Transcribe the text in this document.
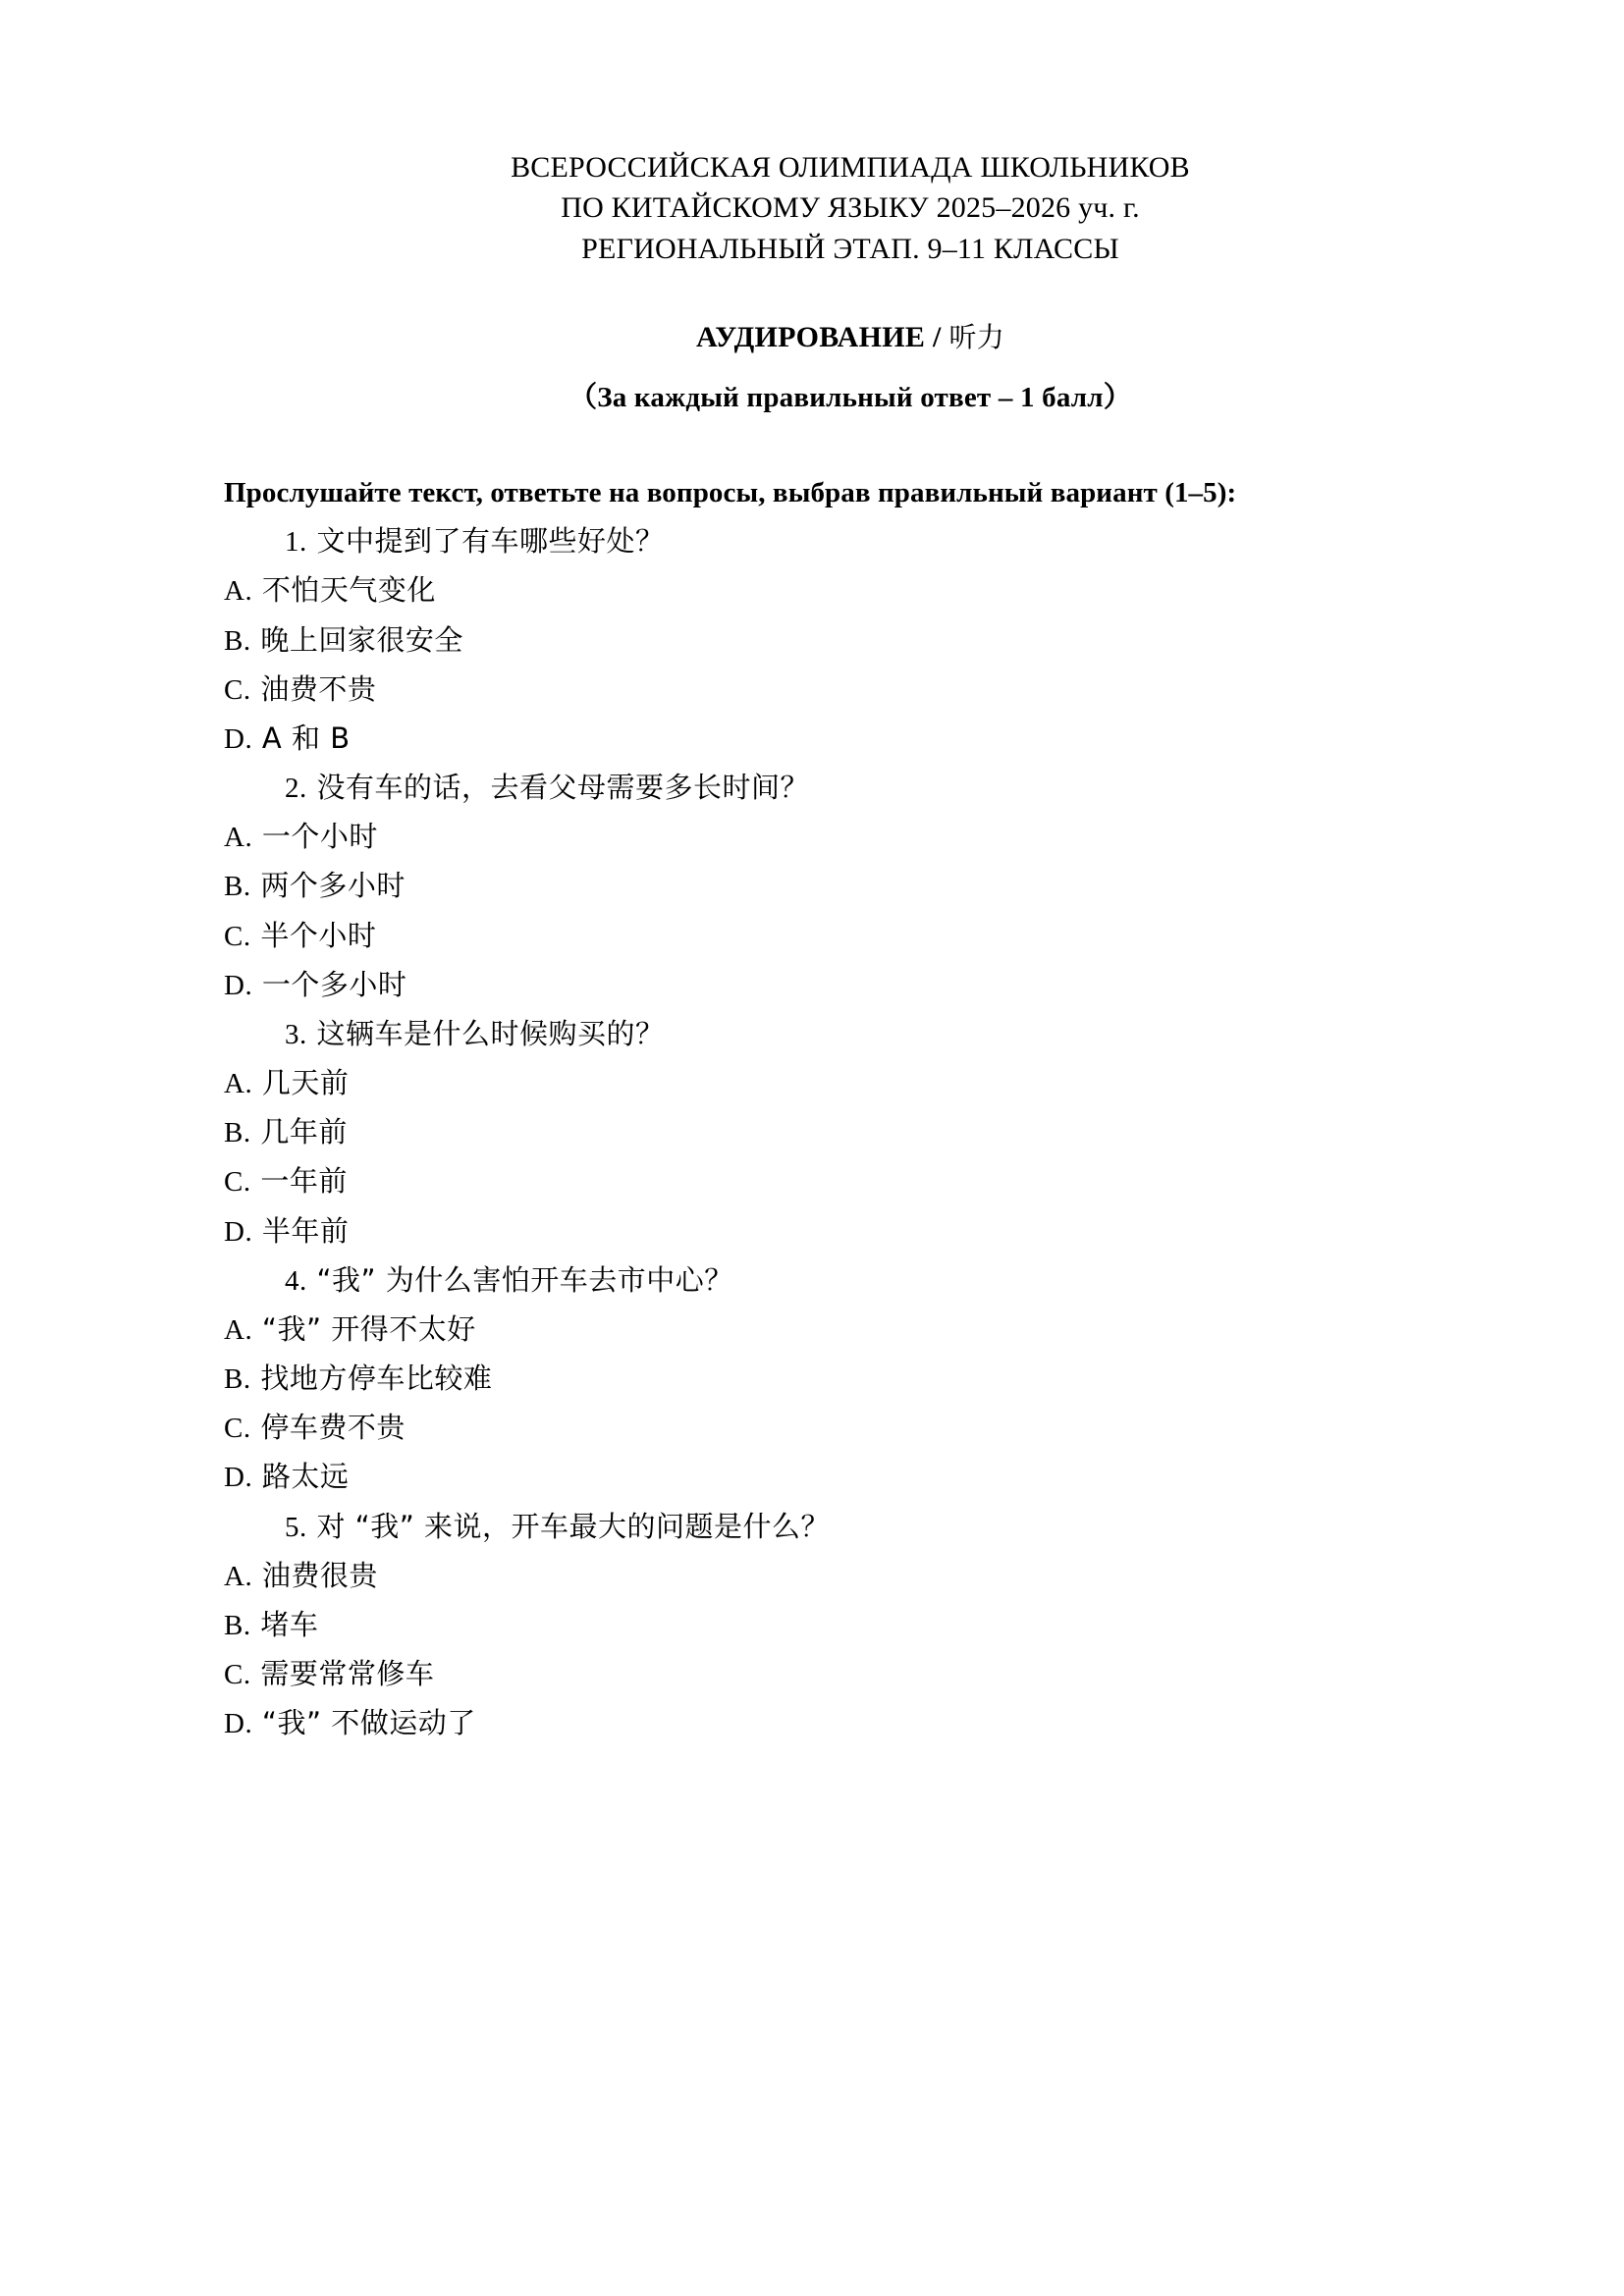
ВСЕРОССИЙСКАЯ ОЛИМПИАДА ШКОЛЬНИКОВ
ПО КИТАЙСКОМУ ЯЗЫКУ 2025–2026 уч. г.
РЕГИОНАЛЬНЫЙ ЭТАП. 9–11 КЛАССЫ
АУДИРОВАНИЕ / 听力
（За каждый правильный ответ – 1 балл）
Прослушайте текст, ответьте на вопросы, выбрав правильный вариант (1–5):
1. 文中提到了有车哪些好处？
A. 不怕天气变化
B. 晚上回家很安全
C. 油费不贵
D. A 和 B
2. 没有车的话，去看父母需要多长时间？
A. 一个小时
B. 两个多小时
C. 半个小时
D. 一个多小时
3. 这辆车是什么时候购买的？
A. 几天前
B. 几年前
C. 一年前
D. 半年前
4. “我” 为什么害怕开车去市中心？
A. “我” 开得不太好
B. 找地方停车比较难
C. 停车费不贵
D. 路太远
5. 对 “我” 来说，开车最大的问题是什么？
A. 油费很贵
B. 堵车
C. 需要常常修车
D. “我” 不做运动了
